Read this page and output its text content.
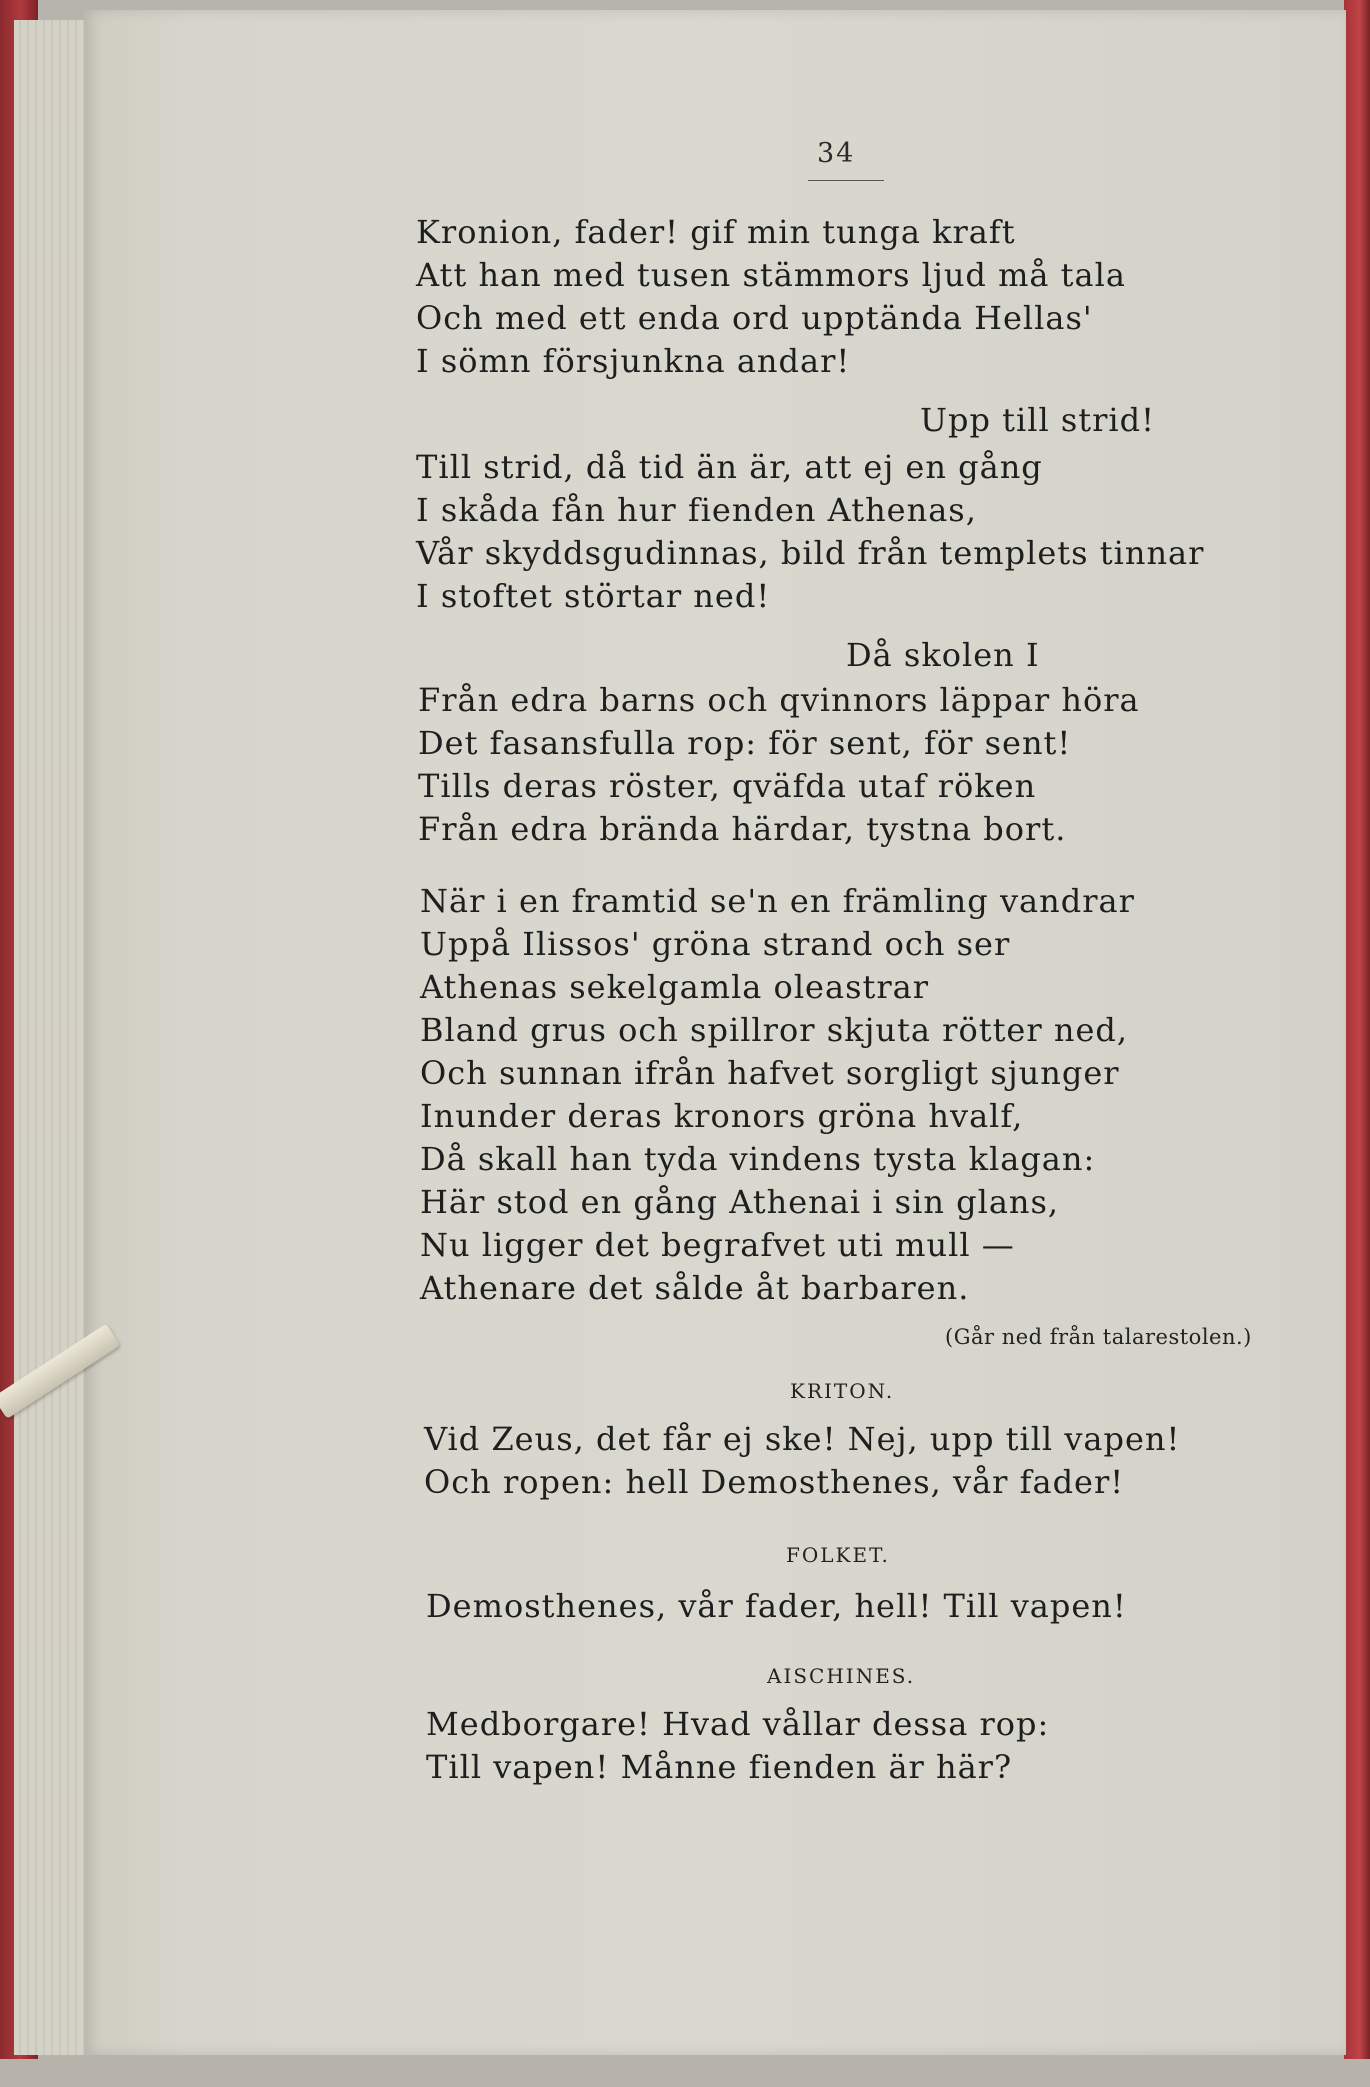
34
Kronion, fader! gif min tunga kraft
Att han med tusen stämmors ljud må tala
Och med ett enda ord upptända Hellas'
I sömn försjunkna andar!
Upp till strid!
Till strid, då tid än är, att ej en gång
I skåda fån hur fienden Athenas,
Vår skyddsgudinnas, bild från templets tinnar
I stoftet störtar ned!
Då skolen I
Från edra barns och qvinnors läppar höra
Det fasansfulla rop: för sent, för sent!
Tills deras röster, qväfda utaf röken
Från edra brända härdar, tystna bort.
När i en framtid se'n en främling vandrar
Uppå Ilissos' gröna strand och ser
Athenas sekelgamla oleastrar
Bland grus och spillror skjuta rötter ned,
Och sunnan ifrån hafvet sorgligt sjunger
Inunder deras kronors gröna hvalf,
Då skall han tyda vindens tysta klagan:
Här stod en gång Athenai i sin glans,
Nu ligger det begrafvet uti mull —
Athenare det sålde åt barbaren.
(Går ned från talarestolen.)
KRITON.
Vid Zeus, det får ej ske! Nej, upp till vapen!
Och ropen: hell Demosthenes, vår fader!
FOLKET.
Demosthenes, vår fader, hell! Till vapen!
AISCHINES.
Medborgare! Hvad vållar dessa rop:
Till vapen! Månne fienden är här?
